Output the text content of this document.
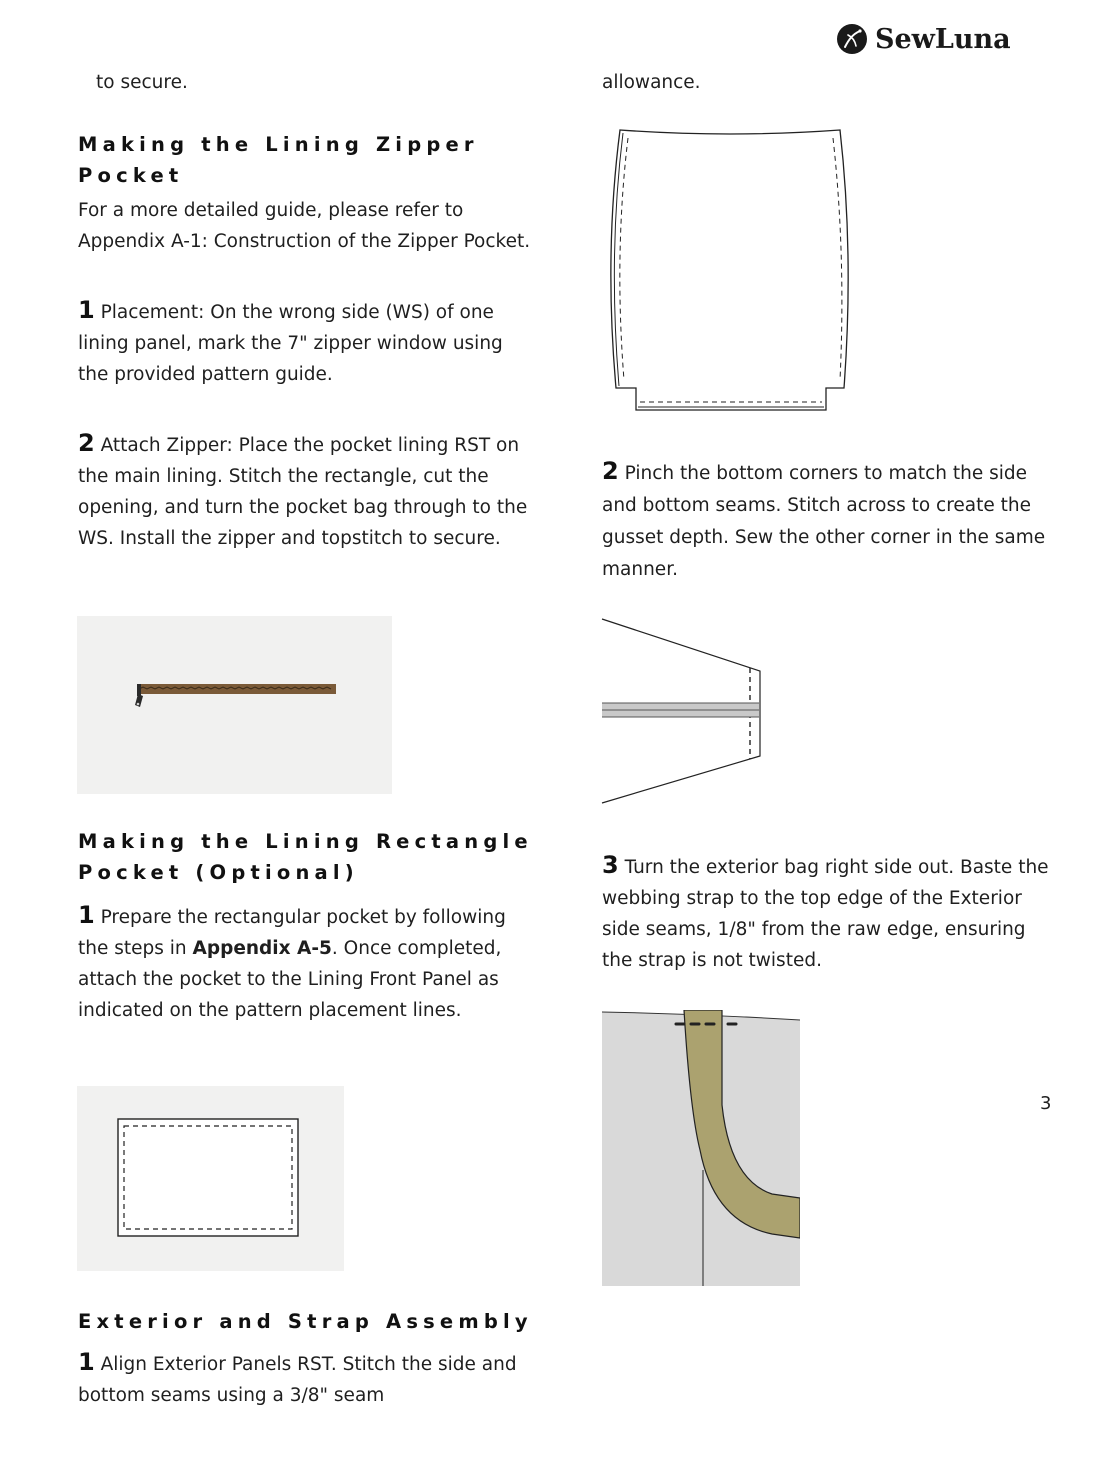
SewLuna
to secure.
Making the Lining Zipper
Pocket

For a more detailed guide, please refer to Appendix A-1: Construction of the Zipper Pocket.

1 Placement: On the wrong side (WS) of one lining panel, mark the 7" zipper window using the provided pattern guide.

2 Attach Zipper: Place the pocket lining RST on the main lining. Stitch the rectangle, cut the opening, and turn the pocket bag through to the WS. Install the zipper and topstitch to secure.

Making the Lining Rectangle
Pocket (Optional)

1 Prepare the rectangular pocket by following the steps in Appendix A-5. Once completed, attach the pocket to the Lining Front Panel as indicated on the pattern placement lines.

Exterior and Strap Assembly

1 Align Exterior Panels RST. Stitch the side and bottom seams using a 3/8" seam

allowance.

2 Pinch the bottom corners to match the side and bottom seams. Stitch across to create the gusset depth. Sew the other corner in the same manner.

3 Turn the exterior bag right side out. Baste the webbing strap to the top edge of the Exterior side seams, 1/8" from the raw edge, ensuring the strap is not twisted.

3
